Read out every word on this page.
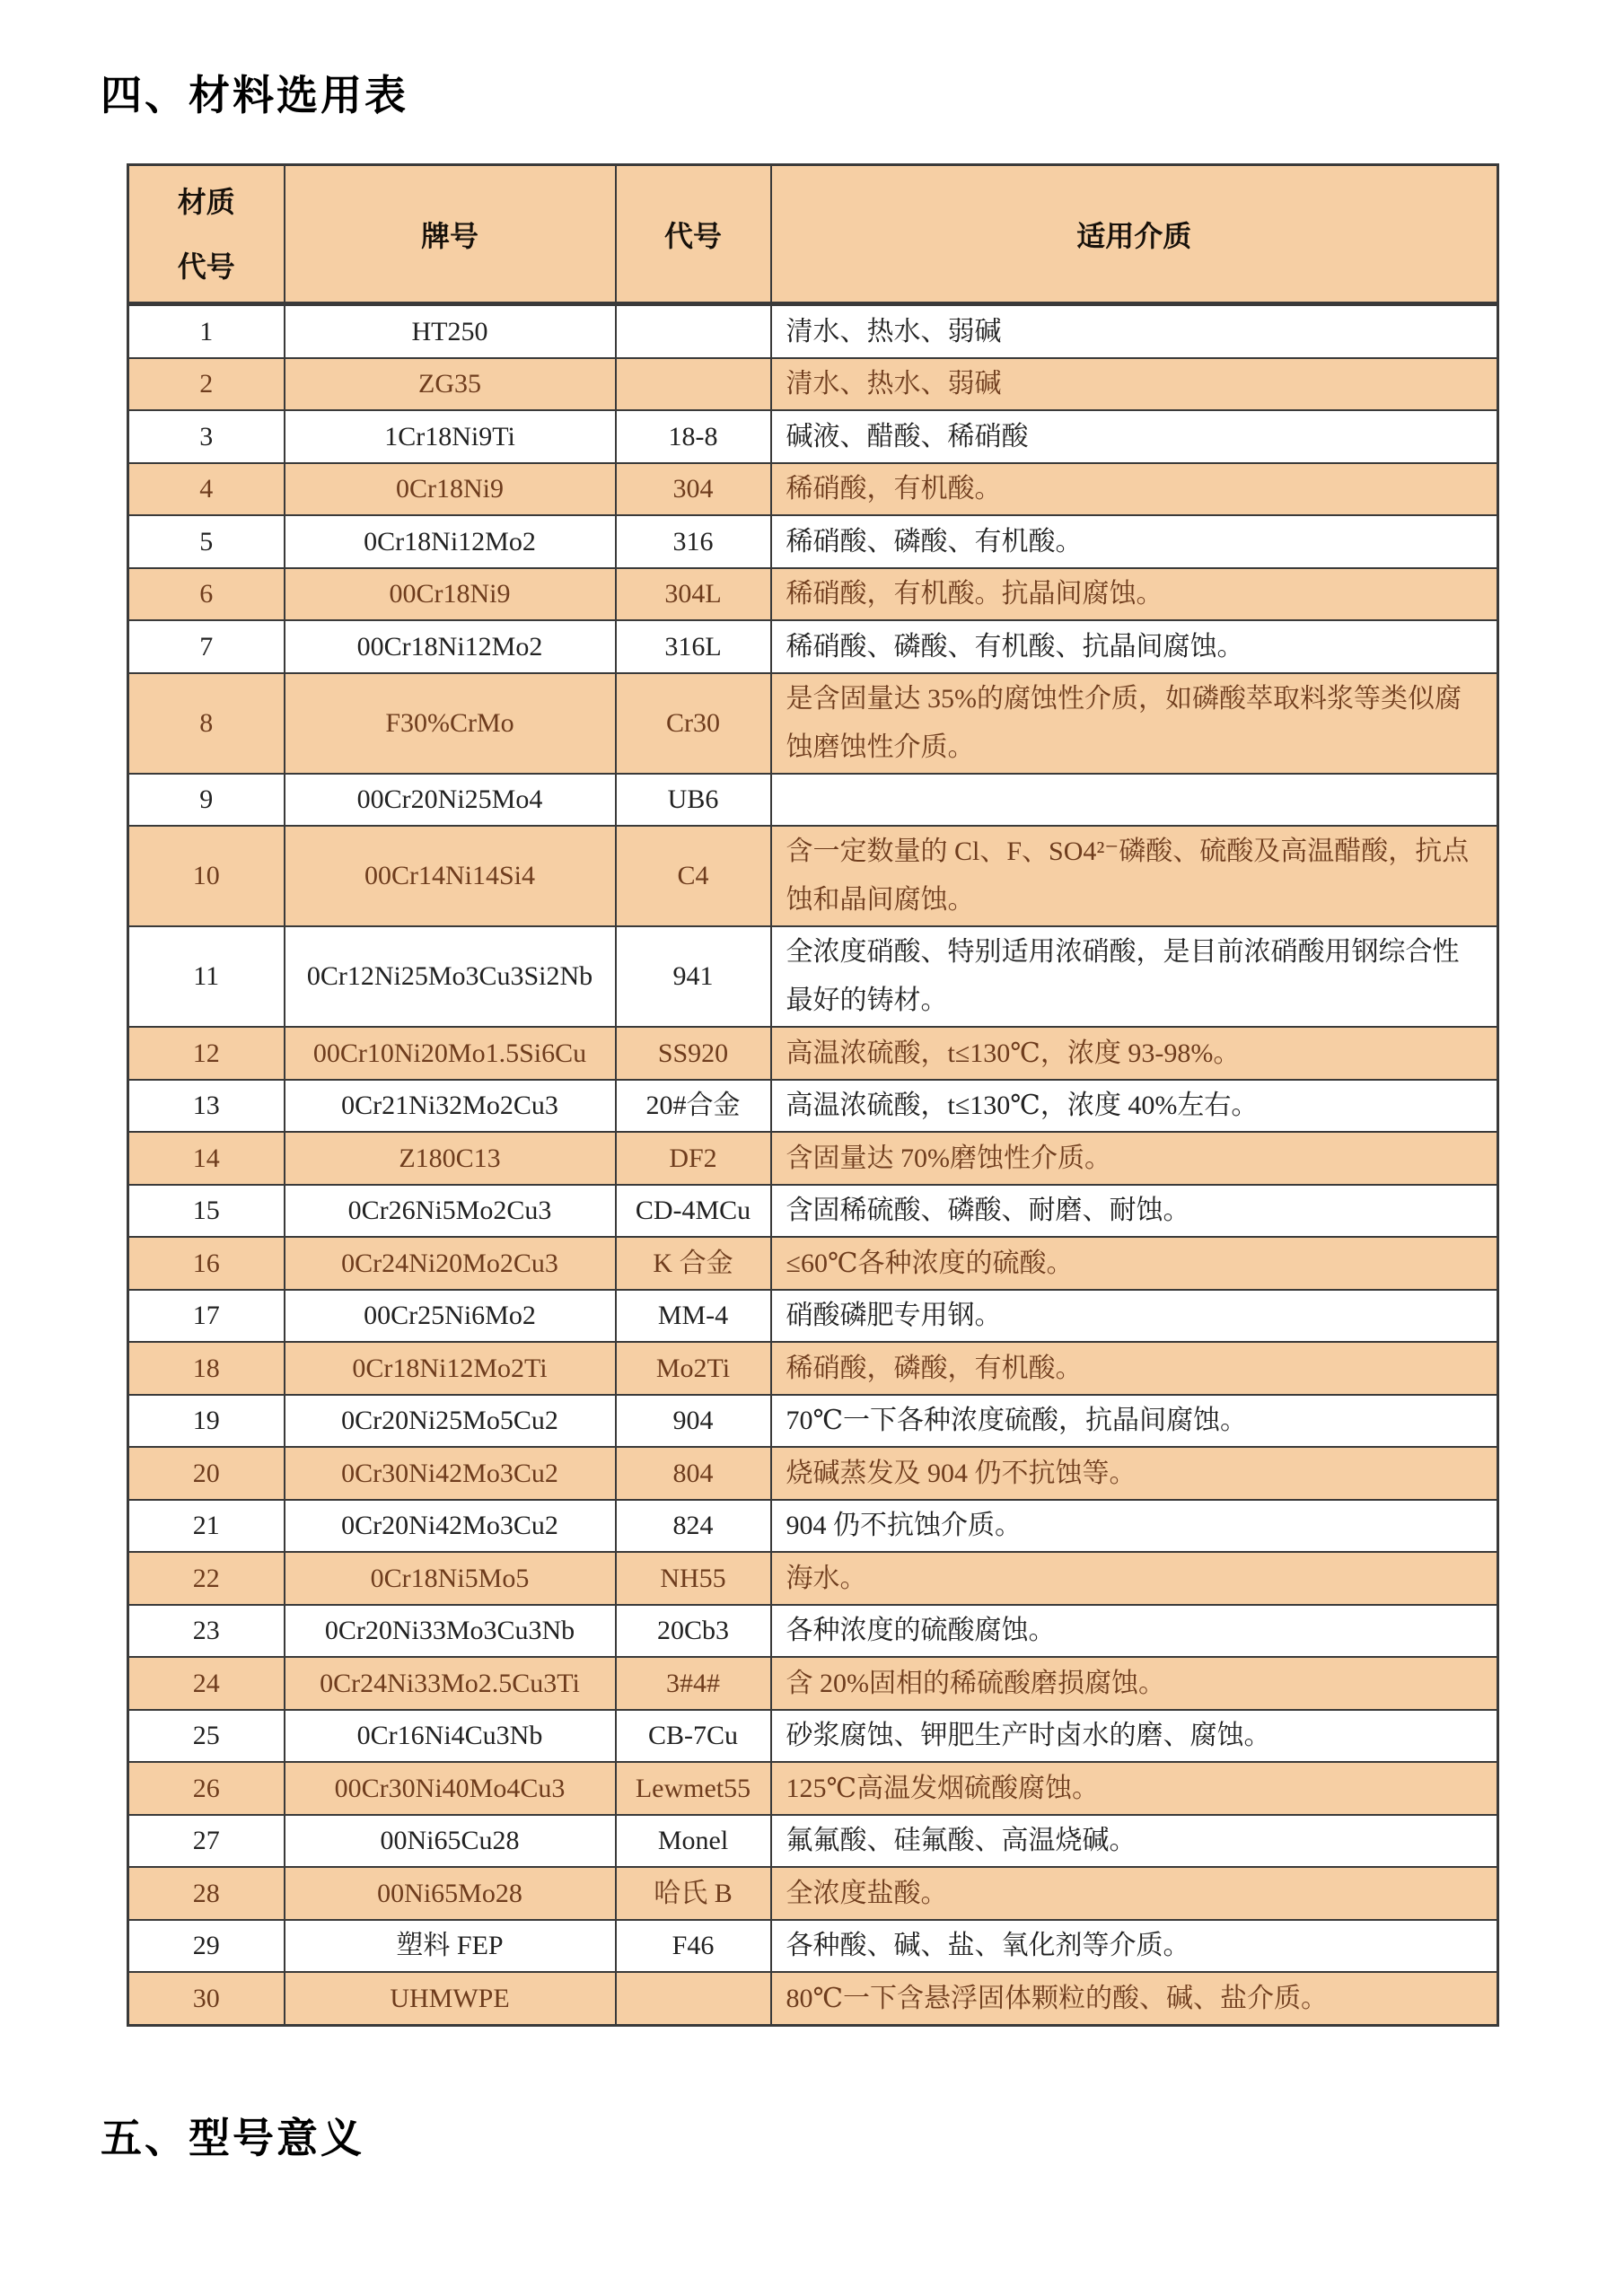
四、材料选用表
材质
代号	牌号	代号	适用介质
1	HT250		清水、热水、弱碱
2	ZG35		清水、热水、弱碱
3	1Cr18Ni9Ti	18-8	碱液、醋酸、稀硝酸
4	0Cr18Ni9	304	稀硝酸，有机酸。
5	0Cr18Ni12Mo2	316	稀硝酸、磷酸、有机酸。
6	00Cr18Ni9	304L	稀硝酸，有机酸。抗晶间腐蚀。
7	00Cr18Ni12Mo2	316L	稀硝酸、磷酸、有机酸、抗晶间腐蚀。
8	F30%CrMo	Cr30	是含固量达 35%的腐蚀性介质，如磷酸萃取料浆等类似腐蚀磨蚀性介质。
9	00Cr20Ni25Mo4	UB6	
10	00Cr14Ni14Si4	C4	含一定数量的 Cl、F、SO4²⁻磷酸、硫酸及高温醋酸，抗点蚀和晶间腐蚀。
11	0Cr12Ni25Mo3Cu3Si2Nb	941	全浓度硝酸、特别适用浓硝酸，是目前浓硝酸用钢综合性最好的铸材。
12	00Cr10Ni20Mo1.5Si6Cu	SS920	高温浓硫酸，t≤130℃，浓度 93-98%。
13	0Cr21Ni32Mo2Cu3	20#合金	高温浓硫酸，t≤130℃，浓度 40%左右。
14	Z180C13	DF2	含固量达 70%磨蚀性介质。
15	0Cr26Ni5Mo2Cu3	CD-4MCu	含固稀硫酸、磷酸、耐磨、耐蚀。
16	0Cr24Ni20Mo2Cu3	K 合金	≤60℃各种浓度的硫酸。
17	00Cr25Ni6Mo2	MM-4	硝酸磷肥专用钢。
18	0Cr18Ni12Mo2Ti	Mo2Ti	稀硝酸，磷酸，有机酸。
19	0Cr20Ni25Mo5Cu2	904	70℃一下各种浓度硫酸，抗晶间腐蚀。
20	0Cr30Ni42Mo3Cu2	804	烧碱蒸发及 904 仍不抗蚀等。
21	0Cr20Ni42Mo3Cu2	824	904 仍不抗蚀介质。
22	0Cr18Ni5Mo5	NH55	海水。
23	0Cr20Ni33Mo3Cu3Nb	20Cb3	各种浓度的硫酸腐蚀。
24	0Cr24Ni33Mo2.5Cu3Ti	3#4#	含 20%固相的稀硫酸磨损腐蚀。
25	0Cr16Ni4Cu3Nb	CB-7Cu	砂浆腐蚀、钾肥生产时卤水的磨、腐蚀。
26	00Cr30Ni40Mo4Cu3	Lewmet55	125℃高温发烟硫酸腐蚀。
27	00Ni65Cu28	Monel	氟氟酸、硅氟酸、高温烧碱。
28	00Ni65Mo28	哈氏 B	全浓度盐酸。
29	塑料 FEP	F46	各种酸、碱、盐、氧化剂等介质。
30	UHMWPE		80℃一下含悬浮固体颗粒的酸、碱、盐介质。
五、型号意义
